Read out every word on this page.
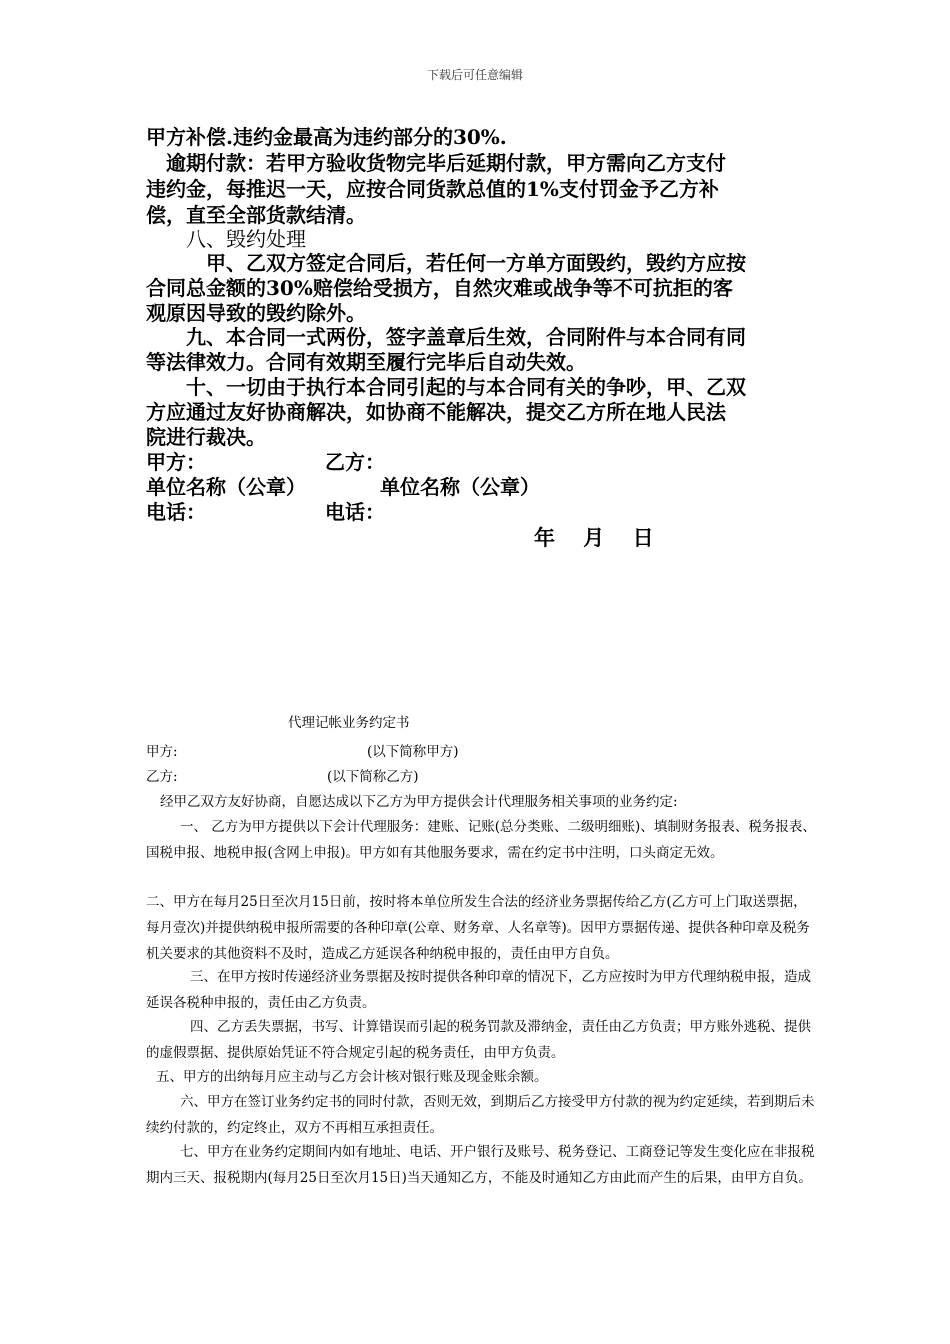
下载后可任意编辑

甲方补偿.违约金最高为违约部分的30%.

　逾期付款：若甲方验收货物完毕后延期付款，甲方需向乙方支付

违约金，每推迟一天，应按合同货款总值的1%支付罚金予乙方补

偿，直至全部货款结清。

　　八、毁约处理

　　　甲、乙双方签定合同后，若任何一方单方面毁约，毁约方应按

合同总金额的30%赔偿给受损方，自然灾难或战争等不可抗拒的客

观原因导致的毁约除外。

　　九、本合同一式两份，签字盖章后生效，合同附件与本合同有同

等法律效力。合同有效期至履行完毕后自动失效。

　　十、一切由于执行本合同引起的与本合同有关的争吵，甲、乙双

方应通过友好协商解决，如协商不能解决，提交乙方所在地人民法

院进行裁决。

甲方：	乙方：
单位名称（公章）	单位名称（公章）
电话：	电话：
年　 月　 日
代理记帐业务约定书
甲方:	(以下简称甲方)
乙方:	(以下简称乙方)

经甲乙双方友好协商，自愿达成以下乙方为甲方提供会计代理服务相关事项的业务约定:

一、 乙方为甲方提供以下会计代理服务：建账、记账(总分类账、二级明细账)、填制财务报表、税务报表、国税申报、地税申报(含网上申报)。甲方如有其他服务要求，需在约定书中注明，口头商定无效。

二、甲方在每月25日至次月15日前，按时将本单位所发生合法的经济业务票据传给乙方(乙方可上门取送票据，每月壹次)并提供纳税申报所需要的各种印章(公章、财务章、人名章等)。因甲方票据传递、提供各种印章及税务机关要求的其他资料不及时，造成乙方延误各种纳税申报的，责任由甲方自负。

三、在甲方按时传递经济业务票据及按时提供各种印章的情况下，乙方应按时为甲方代理纳税申报，造成延误各税种申报的，责任由乙方负责。

四、乙方丢失票据，书写、计算错误而引起的税务罚款及滞纳金，责任由乙方负责；甲方账外逃税、提供的虚假票据、提供原始凭证不符合规定引起的税务责任，由甲方负责。

五、甲方的出纳每月应主动与乙方会计核对银行账及现金账余额。

六、甲方在签订业务约定书的同时付款，否则无效，到期后乙方接受甲方付款的视为约定延续，若到期后未续约付款的，约定终止，双方不再相互承担责任。

七、甲方在业务约定期间内如有地址、电话、开户银行及账号、税务登记、工商登记等发生变化应在非报税期内三天、报税期内(每月25日至次月15日)当天通知乙方，不能及时通知乙方由此而产生的后果，由甲方自负。
